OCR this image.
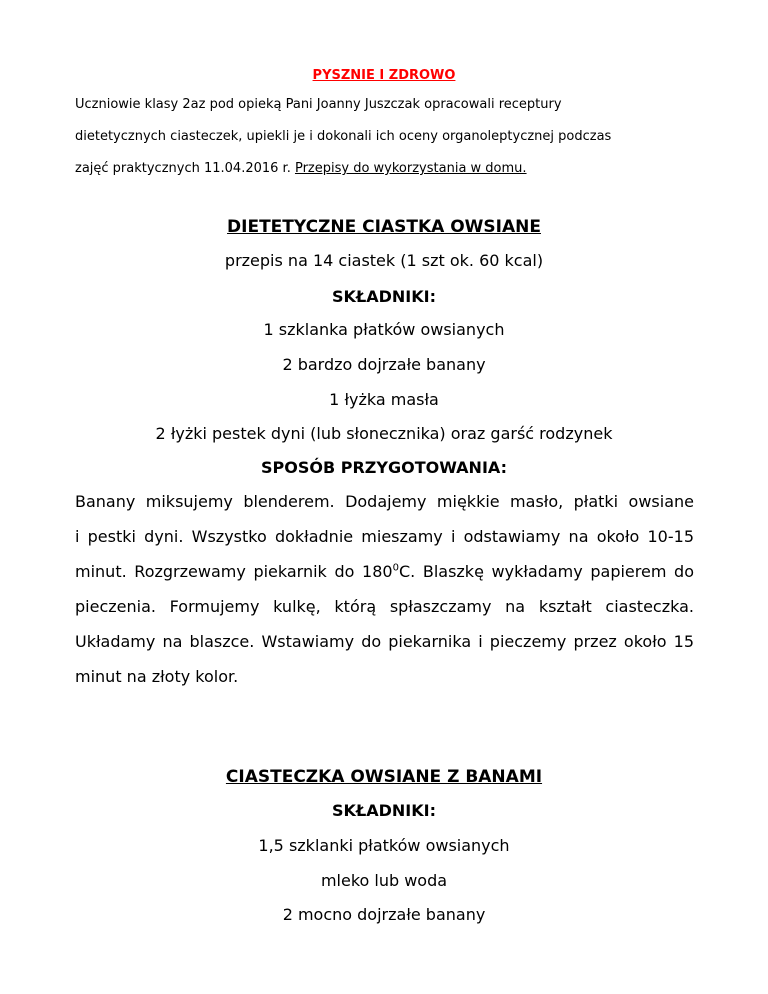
PYSZNIE I ZDROWO
Uczniowie klasy 2az pod opieką Pani Joanny Juszczak opracowali receptury
dietetycznych ciasteczek, upiekli je i dokonali ich oceny organoleptycznej podczas
zajęć praktycznych 11.04.2016 r. Przepisy do wykorzystania w domu.
DIETETYCZNE CIASTKA OWSIANE
przepis na 14 ciastek (1 szt ok. 60 kcal)
SKŁADNIKI:
1 szklanka płatków owsianych
2 bardzo dojrzałe banany
1 łyżka masła
2 łyżki pestek dyni (lub słonecznika) oraz garść rodzynek
SPOSÓB PRZYGOTOWANIA:
Banany miksujemy blenderem. Dodajemy miękkie masło, płatki owsiane
i pestki dyni. Wszystko dokładnie mieszamy i odstawiamy na około 10-15
minut. Rozgrzewamy piekarnik do $180^0C$. Blaszkę wykładamy papierem do
pieczenia. Formujemy kulkę, którą spłaszczamy na kształt ciasteczka.
Układamy na blaszce. Wstawiamy do piekarnika i pieczemy przez około 15
minut na złoty kolor.
CIASTECZKA OWSIANE Z BANAMI
SKŁADNIKI:
1,5 szklanki płatków owsianych
mleko lub woda
2 mocno dojrzałe banany
